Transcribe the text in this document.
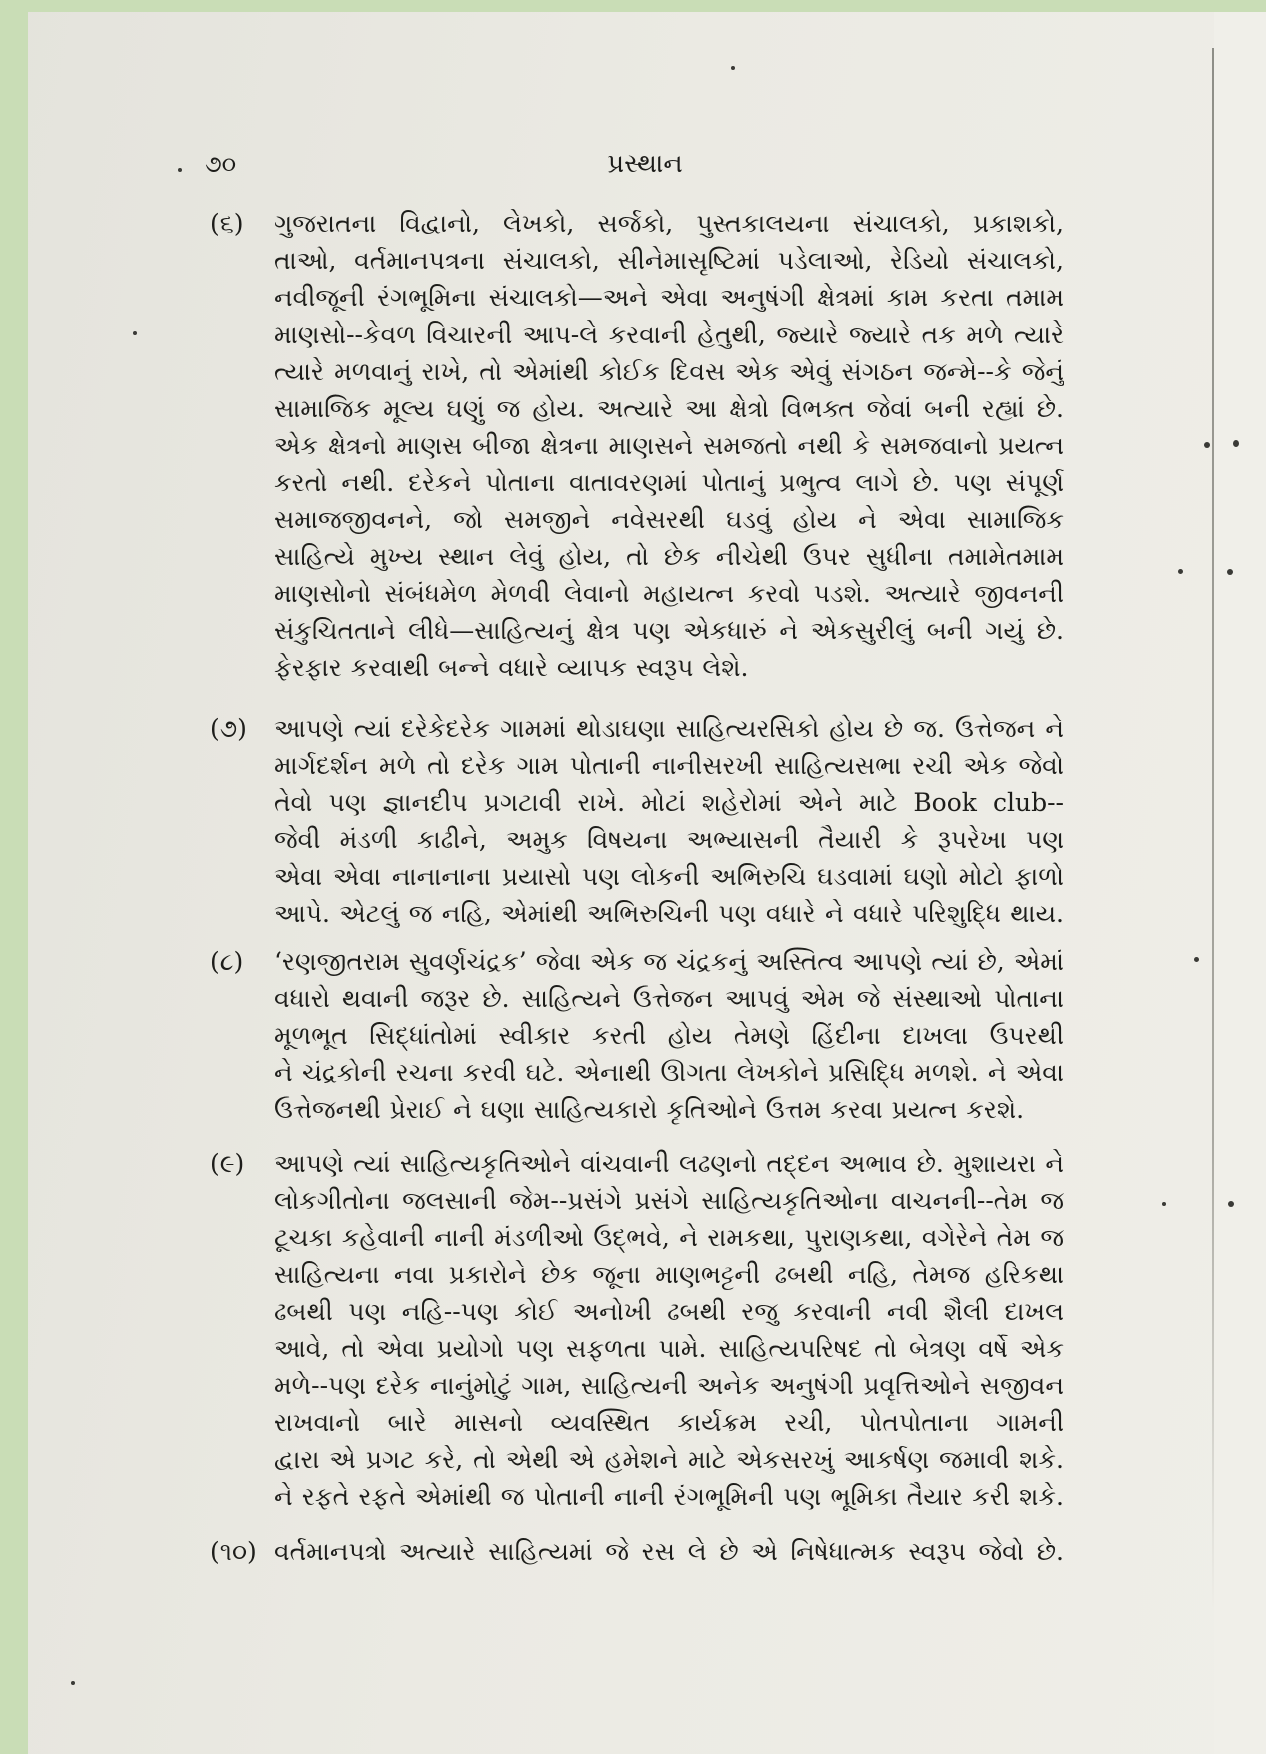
૭૦	પ્રસ્થાન
(૬) ગુજરાતના વિદ્વાનો, લેખકો, સર્જકો, પુસ્તકાલયના સંચાલકો, પ્રકાશકો,
તાઓ, વર્તમાનપત્રના સંચાલકો, સીનેમાસૃષ્ટિમાં પડેલાઓ, રેડિયો સંચાલકો,
નવીજૂની રંગભૂમિના સંચાલકો—અને એવા અનુષંગી ક્ષેત્રમાં કામ કરતા તમામ
માણસો--કેવળ વિચારની આપ-લે કરવાની હેતુથી, જ્યારે જ્યારે તક મળે ત્યારે
ત્યારે મળવાનું રાખે, તો એમાંથી કોઈક દિવસ એક એવું સંગઠન જન્મે--કે જેનું
સામાજિક મૂલ્ય ઘણું જ હોય. અત્યારે આ ક્ષેત્રો વિભક્ત જેવાં બની રહ્યાં છે.
એક ક્ષેત્રનો માણસ બીજા ક્ષેત્રના માણસને સમજતો નથી કે સમજવાનો પ્રયત્ન
કરતો નથી. દરેકને પોતાના વાતાવરણમાં પોતાનું પ્રભુત્વ લાગે છે. પણ સંપૂર્ણ
સમાજજીવનને, જો સમજીને નવેસરથી ઘડવું હોય ને એવા સામાજિક
સાહિત્યે મુખ્ય સ્થાન લેવું હોય, તો છેક નીચેથી ઉપર સુધીના તમામેતમામ
માણસોનો સંબંધમેળ મેળવી લેવાનો મહાયત્ન કરવો પડશે. અત્યારે જીવનની
સંકુચિતતાને લીધે—સાહિત્યનું ક્ષેત્ર પણ એકધારું ને એકસુરીલું બની ગયું છે.
ફેરફાર કરવાથી બન્ને વધારે વ્યાપક સ્વરૂપ લેશે.
(૭) આપણે ત્યાં દરેકેદરેક ગામમાં થોડાઘણા સાહિત્યરસિકો હોય છે જ. ઉત્તેજન ને
માર્ગદર્શન મળે તો દરેક ગામ પોતાની નાનીસરખી સાહિત્યસભા રચી એક જેવો
તેવો પણ જ્ઞાનદીપ પ્રગટાવી રાખે. મોટાં શહેરોમાં એને માટે Book club--
જેવી મંડળી કાઢીને, અમુક વિષયના અભ્યાસની તૈયારી કે રૂપરેખા પણ
એવા એવા નાનાનાના પ્રયાસો પણ લોકની અભિરુચિ ઘડવામાં ઘણો મોટો ફાળો
આપે. એટલું જ નહિ, એમાંથી અભિરુચિની પણ વધારે ને વધારે પરિશુદ્ધિ થાય.
(૮) ‘રણજીતરામ સુવર્ણચંદ્રક’ જેવા એક જ ચંદ્રકનું અસ્તિત્વ આપણે ત્યાં છે, એમાં
વધારો થવાની જરૂર છે. સાહિત્યને ઉત્તેજન આપવું એમ જે સંસ્થાઓ પોતાના
મૂળભૂત સિદ્ધાંતોમાં સ્વીકાર કરતી હોય તેમણે હિંદીના દાખલા ઉપરથી
ને ચંદ્રકોની રચના કરવી ઘટે. એનાથી ઊગતા લેખકોને પ્રસિદ્ધિ મળશે. ને એવા
ઉત્તેજનથી પ્રેરાઈ ને ઘણા સાહિત્યકારો કૃતિઓને ઉત્તમ કરવા પ્રયત્ન કરશે.
(૯) આપણે ત્યાં સાહિત્યકૃતિઓને વાંચવાની લઢણનો તદ્દન અભાવ છે. મુશાયરા ને
લોકગીતોના જલસાની જેમ--પ્રસંગે પ્રસંગે સાહિત્યકૃતિઓના વાચનની--તેમ જ
ટૂચકા કહેવાની નાની મંડળીઓ ઉદ્ભવે, ને રામકથા, પુરાણકથા, વગેરેને તેમ જ
સાહિત્યના નવા પ્રકારોને છેક જૂના માણભટ્ટની ઢબથી નહિ, તેમજ હરિકથા
ઢબથી પણ નહિ--પણ કોઈ અનોખી ઢબથી રજુ કરવાની નવી શૈલી દાખલ
આવે, તો એવા પ્રયોગો પણ સફળતા પામે. સાહિત્યપરિષદ તો બેત્રણ વર્ષે એક
મળે--પણ દરેક નાનુંમોટું ગામ, સાહિત્યની અનેક અનુષંગી પ્રવૃત્તિઓને સજીવન
રાખવાનો બારે માસનો વ્યવસ્થિત કાર્યક્રમ રચી, પોતપોતાના ગામની
દ્વારા એ પ્રગટ કરે, તો એથી એ હમેશને માટે એકસરખું આકર્ષણ જમાવી શકે.
ને રફતે રફતે એમાંથી જ પોતાની નાની રંગભૂમિની પણ ભૂમિકા તૈયાર કરી શકે.
(૧૦) વર્તમાનપત્રો અત્યારે સાહિત્યમાં જે રસ લે છે એ નિષેધાત્મક સ્વરૂપ જેવો છે.
